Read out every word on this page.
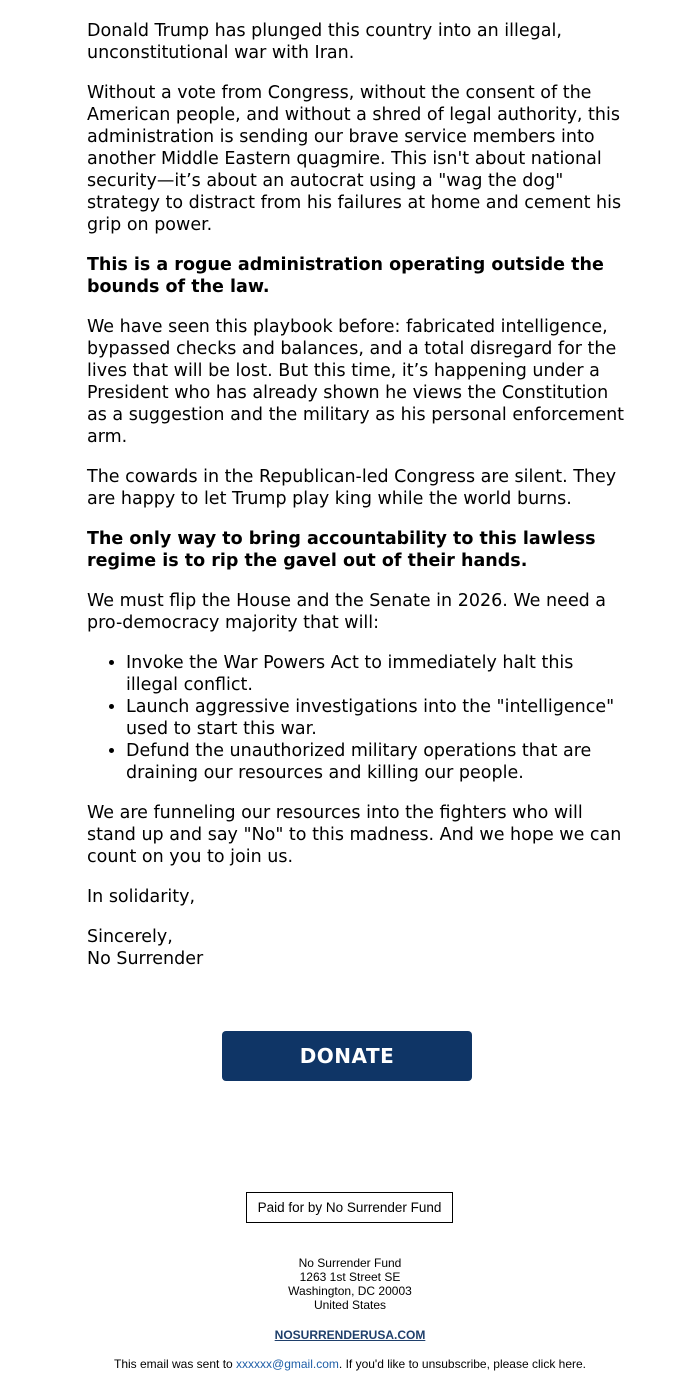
Donald Trump has plunged this country into an illegal, unconstitutional war with Iran.

Without a vote from Congress, without the consent of the American people, and without a shred of legal authority, this administration is sending our brave service members into another Middle Eastern quagmire. This isn't about national security—it’s about an autocrat using a "wag the dog" strategy to distract from his failures at home and cement his grip on power.

This is a rogue administration operating outside the bounds of the law.

We have seen this playbook before: fabricated intelligence, bypassed checks and balances, and a total disregard for the lives that will be lost. But this time, it’s happening under a President who has already shown he views the Constitution as a suggestion and the military as his personal enforcement arm.

The cowards in the Republican-led Congress are silent. They are happy to let Trump play king while the world burns.

The only way to bring accountability to this lawless regime is to rip the gavel out of their hands.

We must flip the House and the Senate in 2026. We need a pro-democracy majority that will:

• Invoke the War Powers Act to immediately halt this illegal conflict.
• Launch aggressive investigations into the "intelligence" used to start this war.
• Defund the unauthorized military operations that are draining our resources and killing our people.

We are funneling our resources into the fighters who will stand up and say "No" to this madness. And we hope we can count on you to join us.

In solidarity,

Sincerely,
No Surrender

DONATE
Paid for by No Surrender Fund
No Surrender Fund
1263 1st Street SE
Washington, DC 20003
United States
NOSURRENDERUSA.COM
This email was sent to xxxxxx@gmail.com. If you'd like to unsubscribe, please click here.
